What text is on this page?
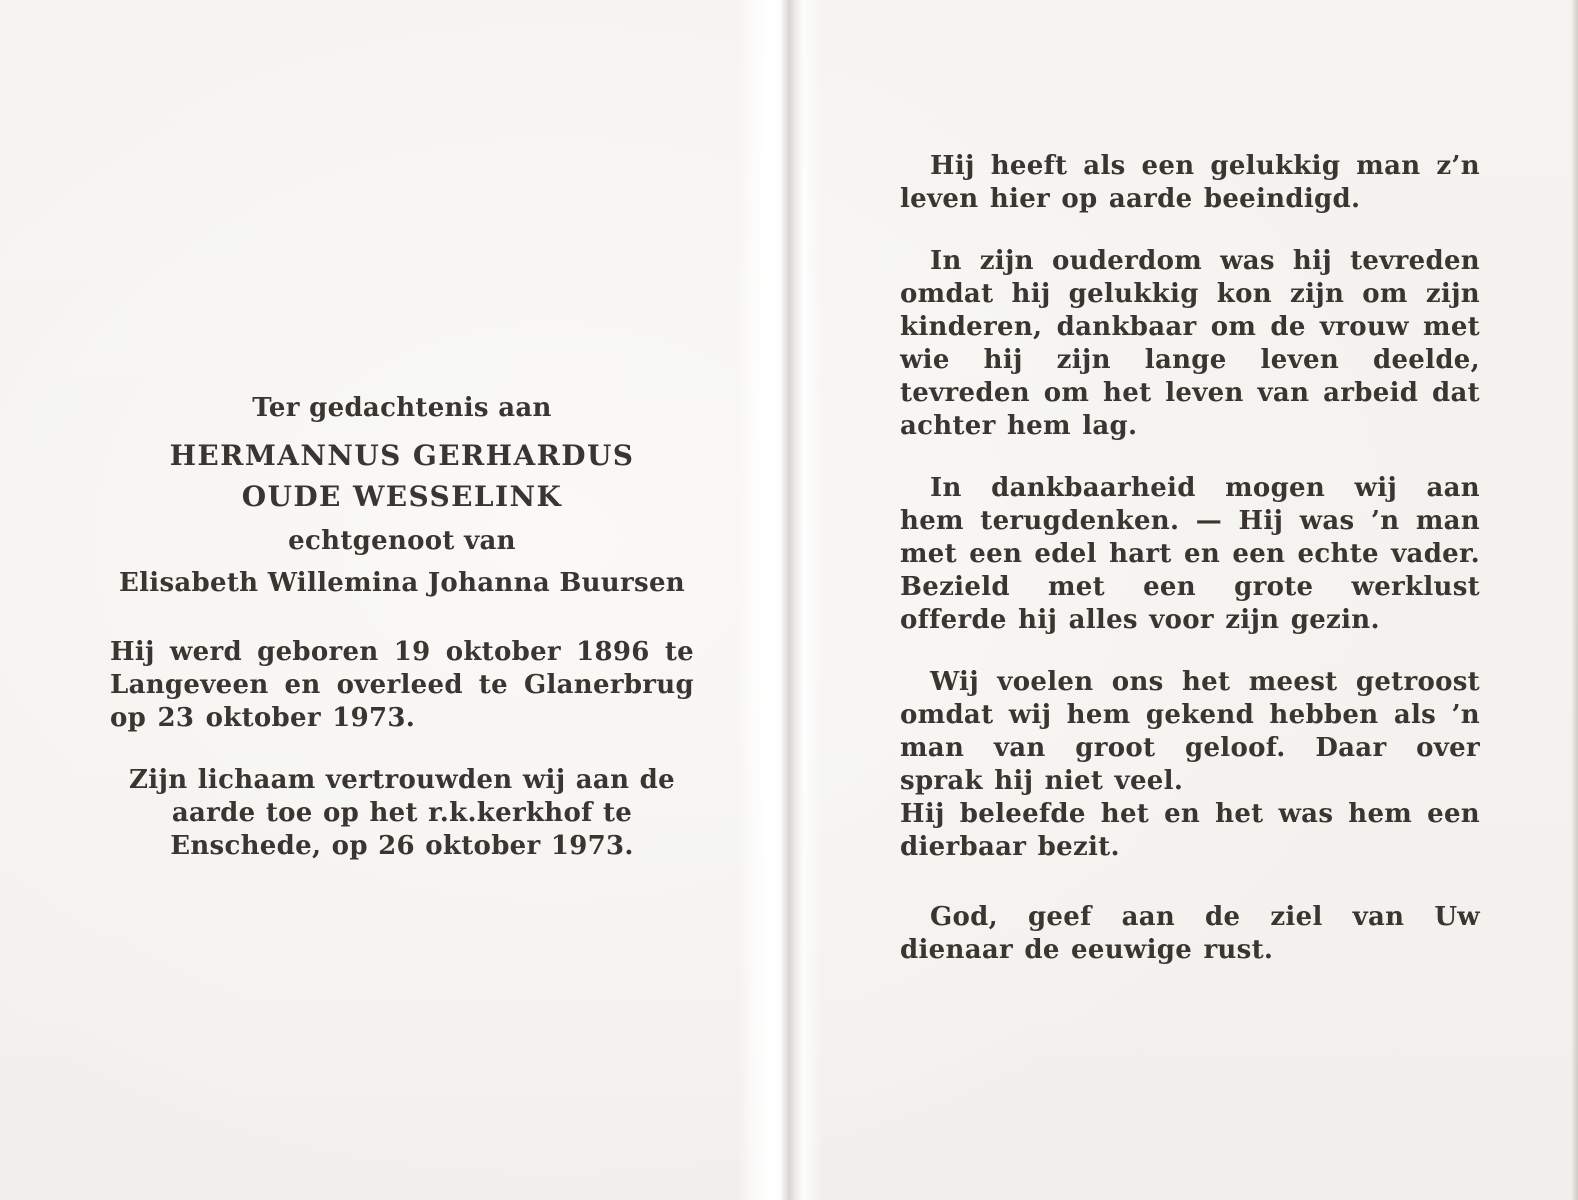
Ter gedachtenis aan

HERMANNUS GERHARDUS
OUDE WESSELINK

echtgenoot van

Elisabeth Willemina Johanna Buursen

Hij werd geboren 19 oktober 1896 te Langeveen en overleed te Glanerbrug op 23 oktober 1973.

Zijn lichaam vertrouwden wij aan de aarde toe op het r.k.kerkhof te Enschede, op 26 oktober 1973.

Hij heeft als een gelukkig man z’n leven hier op aarde beeindigd.

In zijn ouderdom was hij tevreden omdat hij gelukkig kon zijn om zijn kinderen, dankbaar om de vrouw met wie hij zijn lange leven deelde, tevreden om het leven van arbeid dat achter hem lag.

In dankbaarheid mogen wij aan hem terugdenken. — Hij was ’n man met een edel hart en een echte vader. Bezield met een grote werklust offerde hij alles voor zijn gezin.

Wij voelen ons het meest getroost omdat wij hem gekend hebben als ’n man van groot geloof. Daar over sprak hij niet veel.

Hij beleefde het en het was hem een dierbaar bezit.

God, geef aan de ziel van Uw dienaar de eeuwige rust.
